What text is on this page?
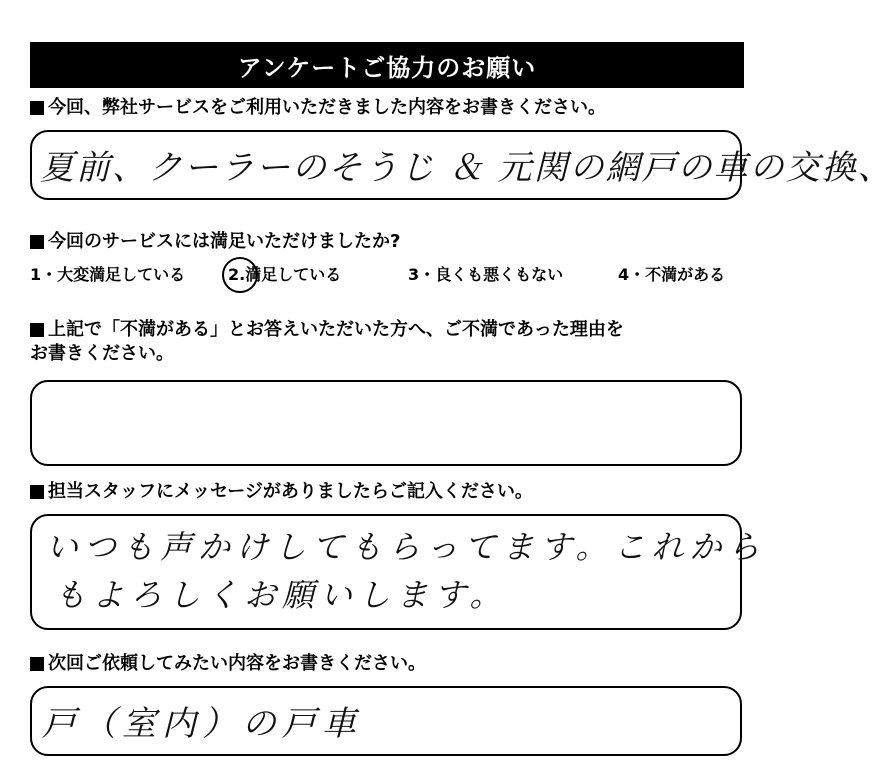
アンケートご協力のお願い
今回、弊社サービスをご利用いただきました内容をお書きください。
夏前、クーラーのそうじ ＆ 元関の網戸の車の交換、
今回のサービスには満足いただけましたか?
1・大変満足している	2.満足している	3・良くも悪くもない	4・不満がある
上記で「不満がある」とお答えいただいた方へ、ご不満であった理由を
お書きください。
担当スタッフにメッセージがありましたらご記入ください。
いつも声かけしてもらってます。これから
もよろしくお願いします。
次回ご依頼してみたい内容をお書きください。
戸（室内）の戸車
